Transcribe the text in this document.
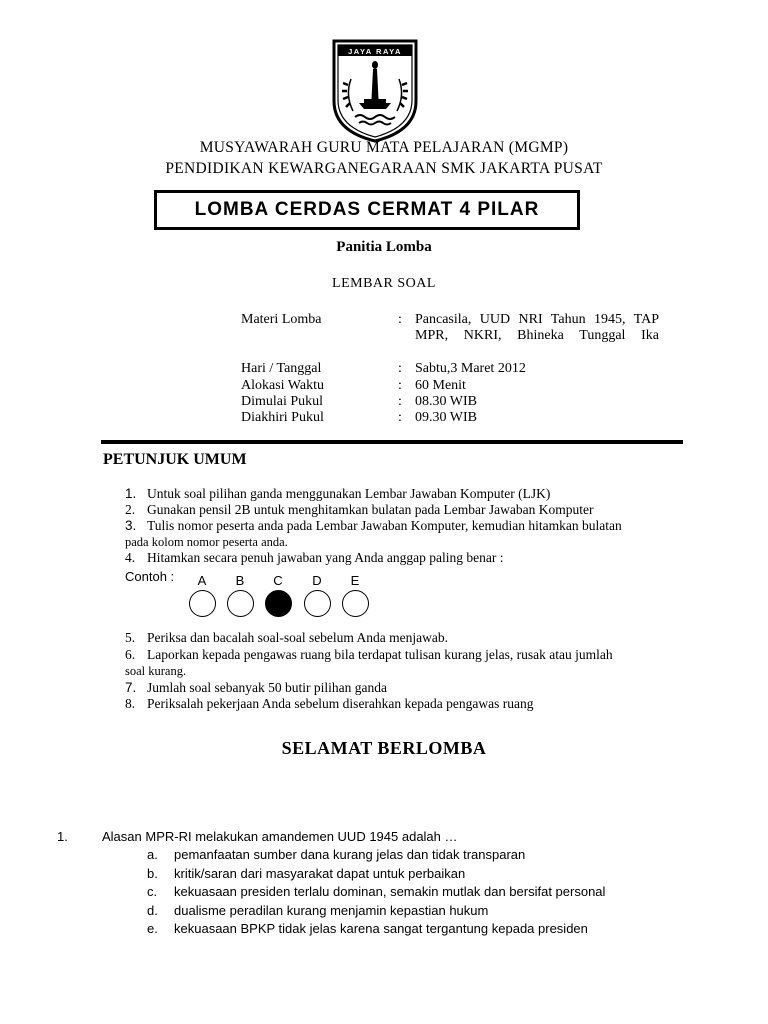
JAYA RAYA
MUSYAWARAH GURU MATA PELAJARAN (MGMP)
PENDIDIKAN KEWARGANEGARAAN SMK JAKARTA PUSAT
LOMBA CERDAS CERMAT 4 PILAR
Panitia Lomba
LEMBAR SOAL
Materi Lomba	: Pancasila, UUD NRI Tahun 1945, TAP
MPR, NKRI, Bhineka Tunggal Ika
Hari / Tanggal	: Sabtu,3 Maret 2012
Alokasi Waktu	: 60 Menit
Dimulai Pukul	: 08.30 WIB
Diakhiri Pukul	: 09.30 WIB
PETUNJUK UMUM
1. Untuk soal pilihan ganda menggunakan Lembar Jawaban Komputer (LJK)
2. Gunakan pensil 2B untuk menghitamkan bulatan pada Lembar Jawaban Komputer
3. Tulis nomor peserta anda pada Lembar Jawaban Komputer, kemudian hitamkan bulatan
pada kolom nomor peserta anda.
4. Hitamkan secara penuh jawaban yang Anda anggap paling benar :
Contoh :	A	B	C	D	E
5. Periksa dan bacalah soal-soal sebelum Anda menjawab.
6. Laporkan kepada pengawas ruang bila terdapat tulisan kurang jelas, rusak atau jumlah
soal kurang.
7. Jumlah soal sebanyak 50 butir pilihan ganda
8. Periksalah pekerjaan Anda sebelum diserahkan kepada pengawas ruang
SELAMAT BERLOMBA
1.	Alasan MPR-RI melakukan amandemen UUD 1945 adalah …
a.	pemanfaatan sumber dana kurang jelas dan tidak transparan
b.	kritik/saran dari masyarakat dapat untuk perbaikan
c.	kekuasaan presiden terlalu dominan, semakin mutlak dan bersifat personal
d.	dualisme peradilan kurang menjamin kepastian hukum
e.	kekuasaan BPKP tidak jelas karena sangat tergantung kepada presiden
